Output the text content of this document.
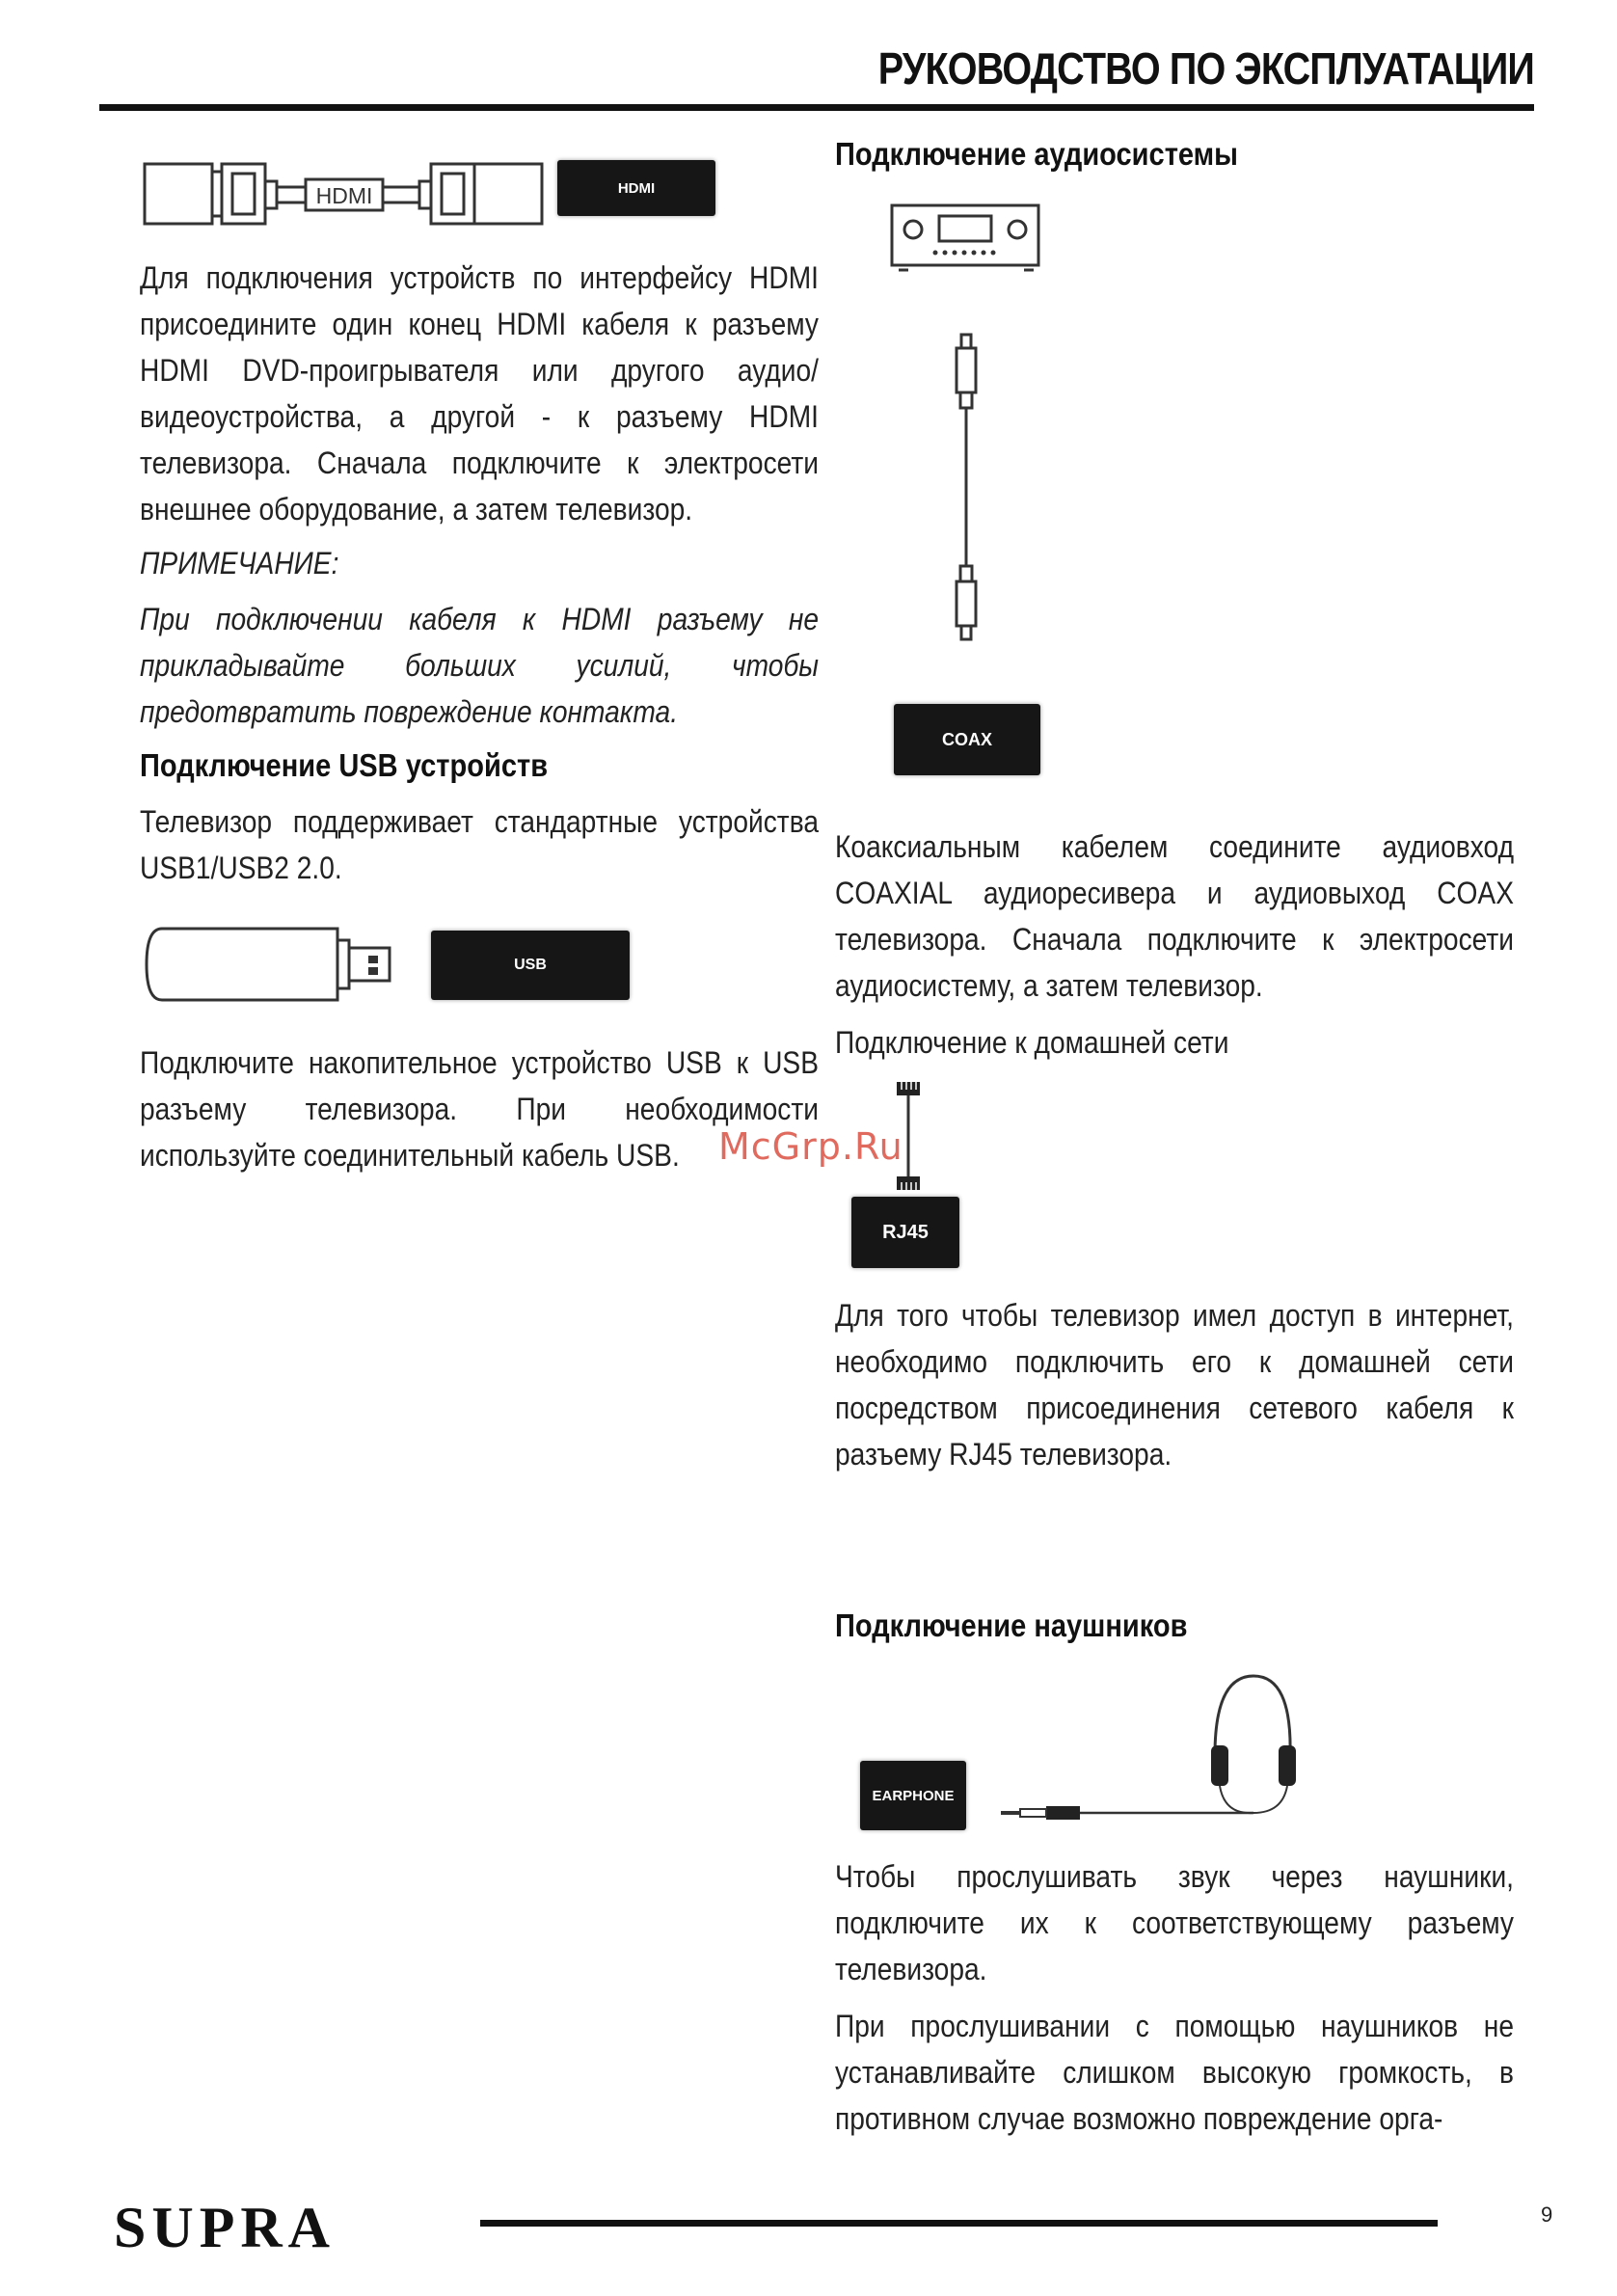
РУКОВОДСТВО ПО ЭКСПЛУАТАЦИИ
HDMI	HDMI

Для подключения устройств по интерфейсу HDMI присоедините один конец HDMI кабеля к разъему HDMI DVD-проигрывателя или другого аудио/видеоустройства, а другой - к разъему HDMI телевизора. Сначала подключите к электросети внешнее оборудование, а затем телевизор.

ПРИМЕЧАНИЕ:

При подключении кабеля к HDMI разъему не прикладывайте больших усилий, чтобы предотвратить повреждение контакта.

Подключение USB устройств

Телевизор поддерживает стандартные устройства USB1/USB2 2.0.

USB

Подключите накопительное устройство USB к USB разъему телевизора. При необходимости используйте соединительный кабель USB.

Подключение аудиосистемы
COAX

Коаксиальным кабелем соедините аудиовход COAXIAL аудиоресивера и аудиовыход COAX телевизора. Сначала подключите к электросети аудиосистему, а затем телевизор.

Подключение к домашней сети

RJ45

Для того чтобы телевизор имел доступ в интернет, необходимо подключить его к домашней сети посредством присоединения сетевого кабеля к разъему RJ45 телевизора.

Подключение наушников
EARPHONE

Чтобы прослушивать звук через наушники, подключите их к соответствующему разъему телевизора.

При прослушивании с помощью наушников не устанавливайте слишком высокую громкость, в противном случае возможно повреждение орга-

McGrp.Ru
SUPRA	9
